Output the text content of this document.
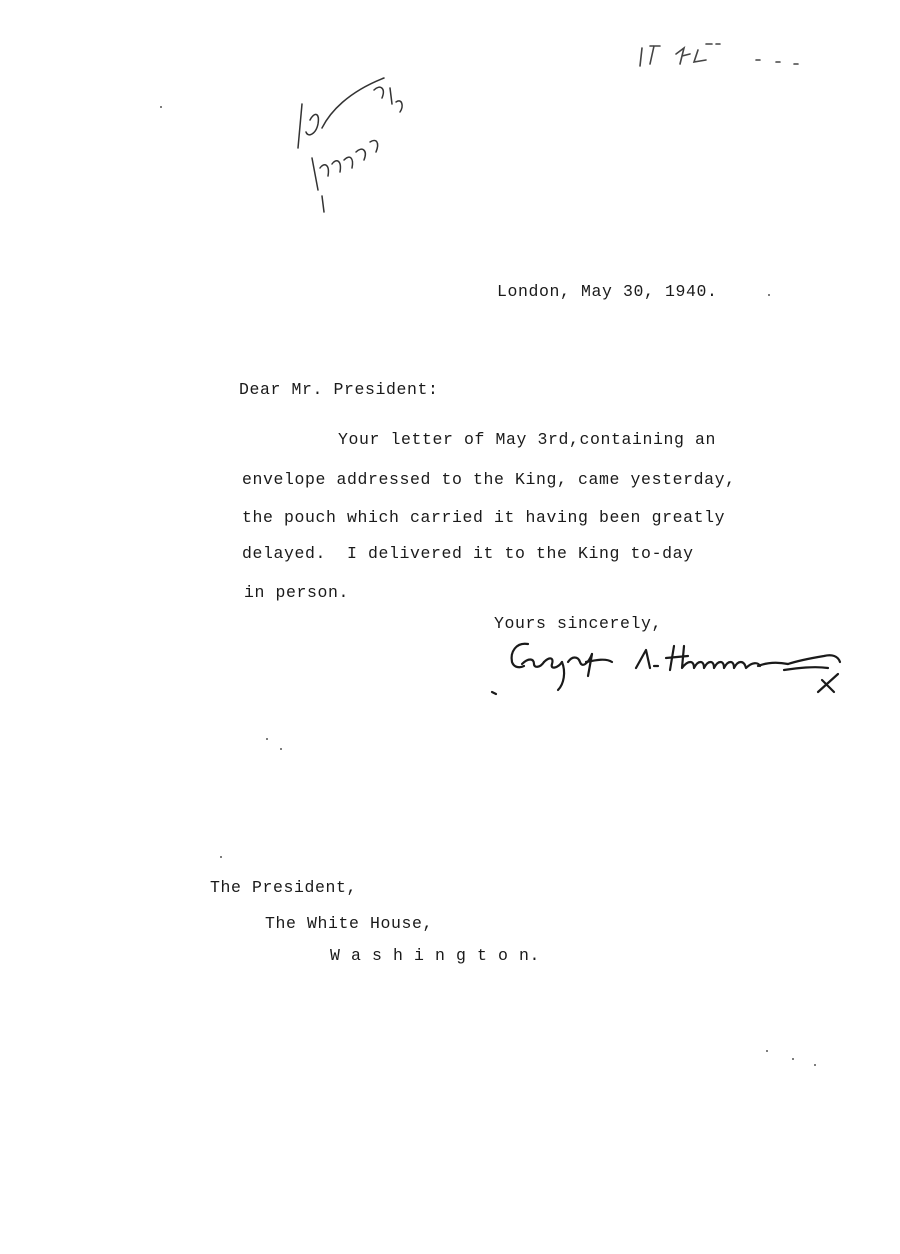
London, May 30, 1940.
Dear Mr. President:
Your letter of May 3rd,containing an
envelope addressed to the King, came yesterday,
the pouch which carried it having been greatly
delayed.  I delivered it to the King to-day
in person.
Yours sincerely,
The President,
The White House,
W a s h i n g t o n.
